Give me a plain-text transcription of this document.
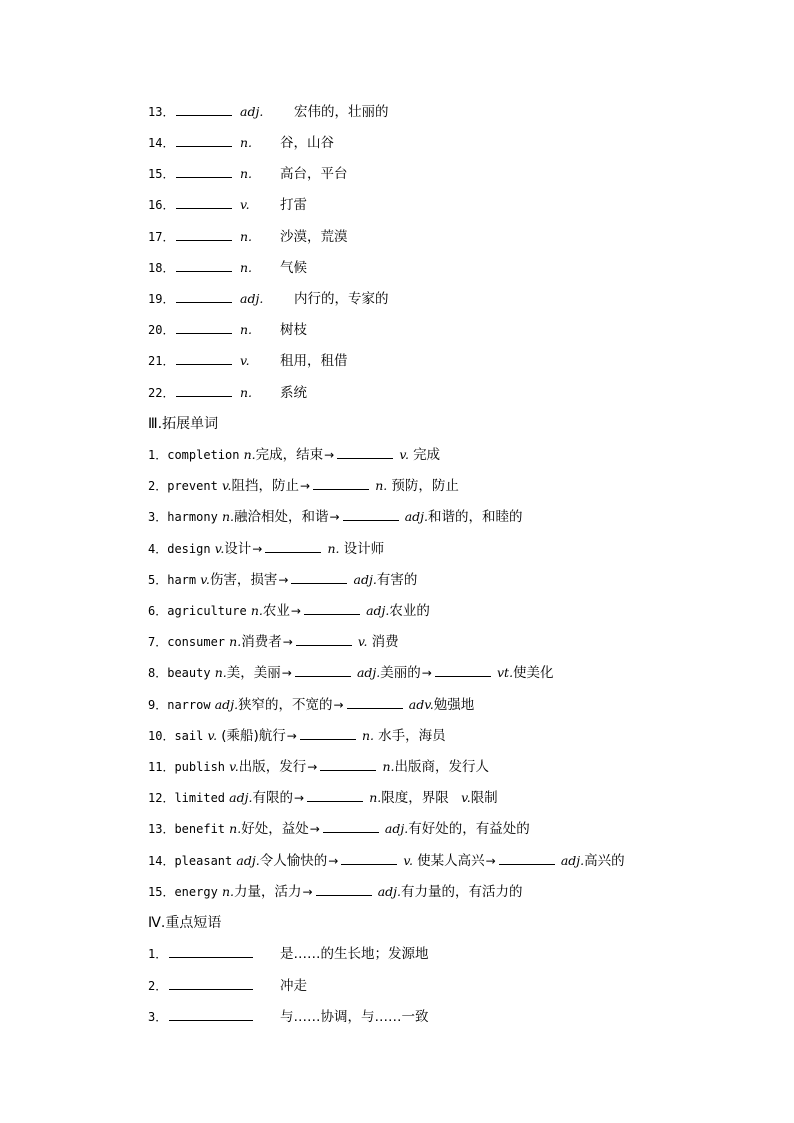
13．	adj. 宏伟的，壮丽的
14．	n. 谷，山谷
15．	n. 高台，平台
16．	v. 打雷
17．	n. 沙漠，荒漠
18．	n. 气候
19．	adj. 内行的，专家的
20．	n. 树枝
21．	v. 租用，租借
22．	n. 系统
Ⅲ.拓展单词
1．completion n.完成，结束→	v. 完成
2．prevent v.阻挡，防止→	n. 预防，防止
3．harmony n.融洽相处，和谐→	adj.和谐的，和睦的
4．design v.设计→	n. 设计师
5．harm v.伤害，损害→	adj.有害的
6．agriculture n.农业→	adj.农业的
7．consumer n.消费者→	v. 消费
8．beauty n.美，美丽→	adj.美丽的→	vt.使美化
9．narrow adj.狭窄的，不宽的→	adv.勉强地
10．sail v. (乘船)航行→	n. 水手，海员
11．publish v.出版，发行→	n.出版商，发行人
12．limited adj.有限的→	n.限度，界限 v.限制
13．benefit n.好处，益处→	adj.有好处的，有益处的
14．pleasant adj.令人愉快的→	v. 使某人高兴→	adj.高兴的
15．energy n.力量，活力→	adj.有力量的，有活力的
Ⅳ.重点短语
1．	是……的生长地；发源地
2．	冲走
3．	与……协调，与……一致
